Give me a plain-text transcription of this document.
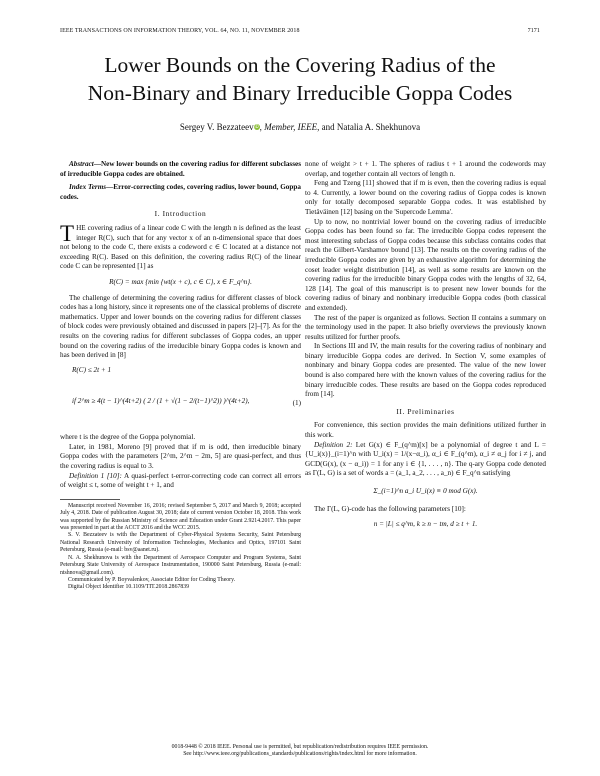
IEEE TRANSACTIONS ON INFORMATION THEORY, VOL. 64, NO. 11, NOVEMBER 2018	7171
Lower Bounds on the Covering Radius of the
Non-Binary and Binary Irreducible Goppa Codes
Sergey V. BezzateeviD, Member, IEEE, and Natalia A. Shekhunova

Abstract—New lower bounds on the covering radius for different subclasses of irreducible Goppa codes are obtained.

Index Terms—Error-correcting codes, covering radius, lower bound, Goppa codes.

I. Introduction

THE covering radius of a linear code C with the length n is defined as the least integer R(C), such that for any vector x of an n-dimensional space that does not belong to the code C, there exists a codeword c ∈ C located at a distance not exceeding R(C). Based on this definition, the covering radius R(C) of the linear code C can be represented [1] as

R(C) = max {min {wt(x + c), c ∈ C}, x ∈ F_q^n}.

The challenge of determining the covering radius for different classes of block codes has a long history, since it represents one of the classical problems of discrete mathematics. Upper and lower bounds on the covering radius for different classes of block codes were previously obtained and discussed in papers [2]–[7]. As for the results on the covering radius for different subclasses of Goppa codes, an upper bound on the covering radius of the irreducible binary Goppa codes is known and has been derived in [8]

R(C) ≤ 2t + 1
if 2^m ≥ 4(t − 1)^(4t+2) ( 2 / (1 + √(1 − 2/(t−1)^2)) )^(4t+2),	(1)

where t is the degree of the Goppa polynomial.

Later, in 1981, Moreno [9] proved that if m is odd, then irreducible binary Goppa codes with the parameters [2^m, 2^m − 2m, 5] are quasi-perfect, and thus the covering radius is equal to 3.

Definition 1 [10]: A quasi-perfect t-error-correcting code can correct all errors of weight ≤ t, some of weight t + 1, and

Manuscript received November 16, 2016; revised September 5, 2017 and March 9, 2018; accepted July 4, 2018. Date of publication August 30, 2018; date of current version October 18, 2018. This work was supported by the Russian Ministry of Science and Education under Grant 2.9214.2017. This paper was presented in part at the ACCT 2016 and the WCC 2015.

S. V. Bezzateev is with the Department of Cyber-Physical Systems Security, Saint Petersburg National Research University of Information Technologies, Mechanics and Optics, 197101 Saint Petersburg, Russia (e-mail: bsv@aanet.ru).

N. A. Shekhunova is with the Department of Aerospace Computer and Program Systems, Saint Petersburg State University of Aerospace Instrumentation, 190000 Saint Petersburg, Russia (e-mail: ntshnova@gmail.com).

Communicated by P. Boyvalenkov, Associate Editor for Coding Theory.

Digital Object Identifier 10.1109/TIT.2018.2867839

none of weight > t + 1. The spheres of radius t + 1 around the codewords may overlap, and together contain all vectors of length n.

Feng and Tzeng [11] showed that if m is even, then the covering radius is equal to 4. Currently, a lower bound on the covering radius of Goppa codes is known only for totally decomposed separable Goppa codes. It was established by Tietäväinen [12] basing on the 'Supercode Lemma'.

Up to now, no nontrivial lower bound on the covering radius of irreducible Goppa codes has been found so far. The irreducible Goppa codes represent the most interesting subclass of Goppa codes because this subclass contains codes that reach the Gilbert-Varshamov bound [13]. The results on the covering radius of the irreducible Goppa codes are given by an exhaustive algorithm for determining the coset leader weight distribution [14], as well as some results are known on the covering radius for the irreducible binary Goppa codes with the lengths of 32, 64, 128 [14]. The goal of this manuscript is to present new lower bounds for the covering radius of binary and nonbinary irreducible Goppa codes (both classical and extended).

The rest of the paper is organized as follows. Section II contains a summary on the terminology used in the paper. It also briefly overviews the previously known results utilized for further proofs.

In Sections III and IV, the main results for the covering radius of nonbinary and binary irreducible Goppa codes are derived. In Section V, some examples of nonbinary and binary Goppa codes are presented. The value of the new lower bound is also compared here with the known values of the covering radius for the binary irreducible codes. These results are based on the Goppa codes reproduced from [14].

II. Preliminaries

For convenience, this section provides the main definitions utilized further in this work.

Definition 2: Let G(x) ∈ F_(q^m)[x] be a polynomial of degree t and L = {U_i(x)}_(i=1)^n with U_i(x) = 1/(x−α_i), α_i ∈ F_(q^m), α_i ≠ α_j for i ≠ j, and GCD(G(x), (x − α_i)) = 1 for any i ∈ {1, . . . , n}. The q-ary Goppa code denoted as Γ(L, G) is a set of words a = (a_1, a_2, . . . , a_n) ∈ F_q^n satisfying

Σ_(i=1)^n a_i U_i(x) ≡ 0 mod G(x).

The Γ(L, G)-code has the following parameters [10]:

n = |L| ≤ q^m, k ≥ n − tm, d ≥ t + 1.
0018-9448 © 2018 IEEE. Personal use is permitted, but republication/redistribution requires IEEE permission.
See http://www.ieee.org/publications_standards/publications/rights/index.html for more information.
